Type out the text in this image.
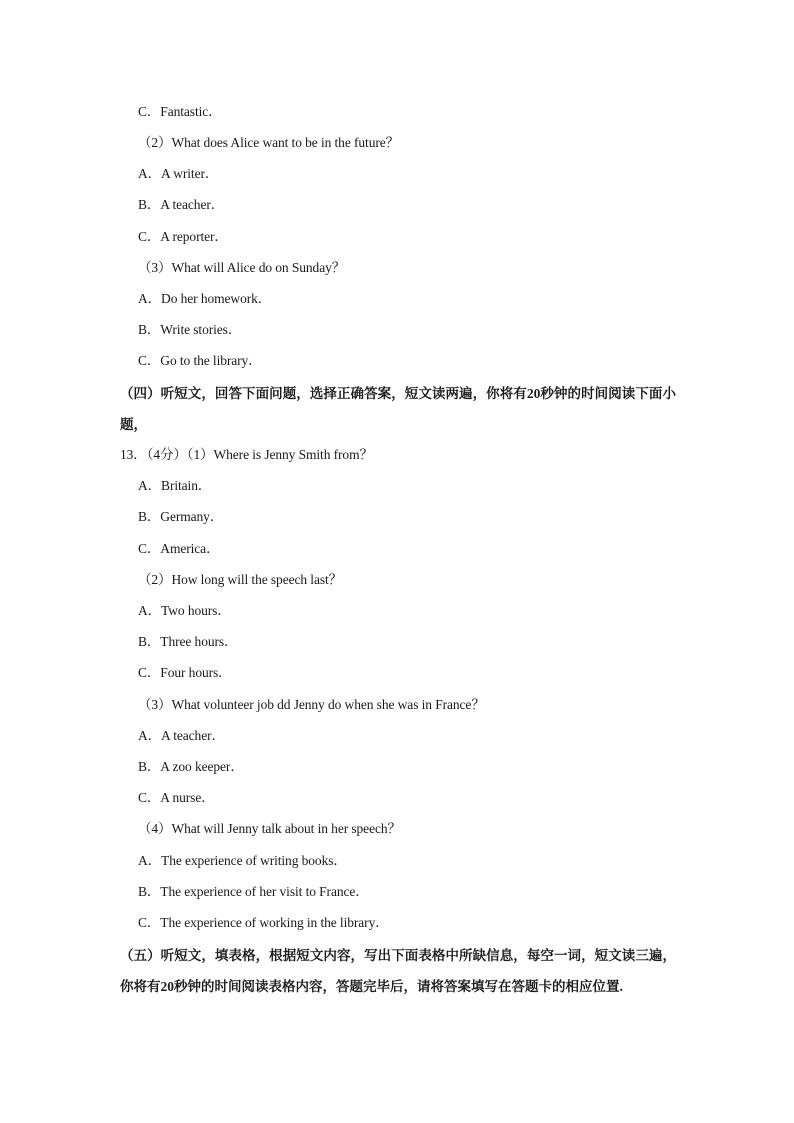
C．Fantastic．
（2）What does Alice want to be in the future？
A．A writer．
B．A teacher．
C．A reporter．
（3）What will Alice do on Sunday？
A．Do her homework．
B．Write stories．
C．Go to the library．
（四）听短文，回答下面问题，选择正确答案，短文读两遍，你将有20秒钟的时间阅读下面小题，
13．（4分）（1）Where is Jenny Smith from？
A．Britain．
B．Germany．
C．America．
（2）How long will the speech last？
A．Two hours．
B．Three hours．
C．Four hours．
（3）What volunteer job dd Jenny do when she was in France？
A．A teacher．
B．A zoo keeper．
C．A nurse．
（4）What will Jenny talk about in her speech？
A．The experience of writing books．
B．The experience of her visit to France．
C．The experience of working in the library．
（五）听短文，填表格，根据短文内容，写出下面表格中所缺信息，每空一词，短文读三遍，你将有20秒钟的时间阅读表格内容，答题完毕后，请将答案填写在答题卡的相应位置.
